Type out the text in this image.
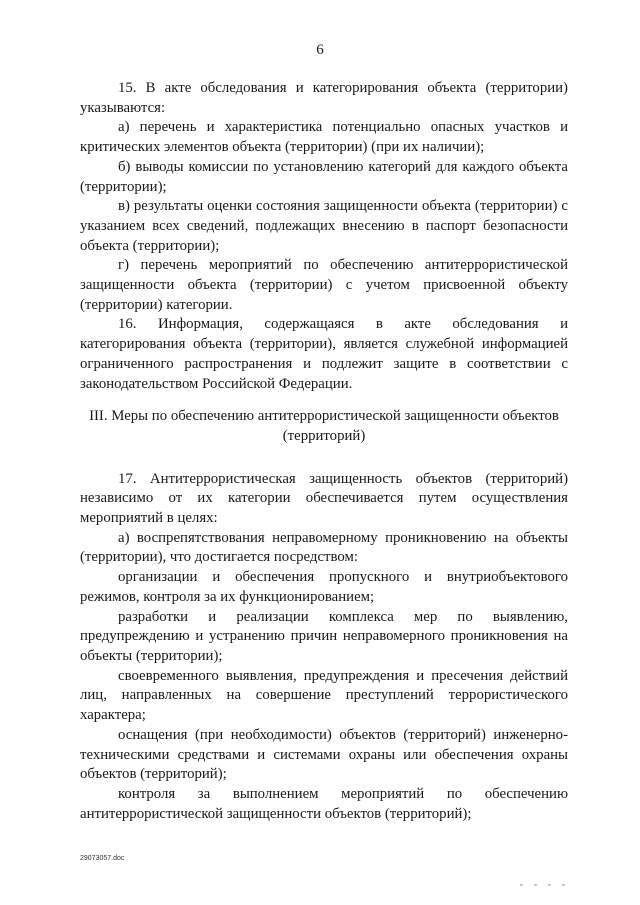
6

15. В акте обследования и категорирования объекта (территории) указываются:

а) перечень и характеристика потенциально опасных участков и критических элементов объекта (территории) (при их наличии);

б) выводы комиссии по установлению категорий для каждого объекта (территории);

в) результаты оценки состояния защищенности объекта (территории) с указанием всех сведений, подлежащих внесению в паспорт безопасности объекта (территории);

г) перечень мероприятий по обеспечению антитеррористической защищенности объекта (территории) с учетом присвоенной объекту (территории) категории.

16. Информация, содержащаяся в акте обследования и категорирования объекта (территории), является служебной информацией ограниченного распространения и подлежит защите в соответствии с законодательством Российской Федерации.

III. Меры по обеспечению антитеррористической защищенности объектов
(территорий)

17. Антитеррористическая защищенность объектов (территорий) независимо от их категории обеспечивается путем осуществления мероприятий в целях:

а) воспрепятствования неправомерному проникновению на объекты (территории), что достигается посредством:

организации и обеспечения пропускного и внутриобъектового режимов, контроля за их функционированием;

разработки и реализации комплекса мер по выявлению, предупреждению и устранению причин неправомерного проникновения на объекты (территории);

своевременного выявления, предупреждения и пресечения действий лиц, направленных на совершение преступлений террористического характера;

оснащения (при необходимости) объектов (территорий) инженерно-техническими средствами и системами охраны или обеспечения охраны объектов (территорий);

контроля за выполнением мероприятий по обеспечению антитеррористической защищенности объектов (территорий);

29073057.doc
